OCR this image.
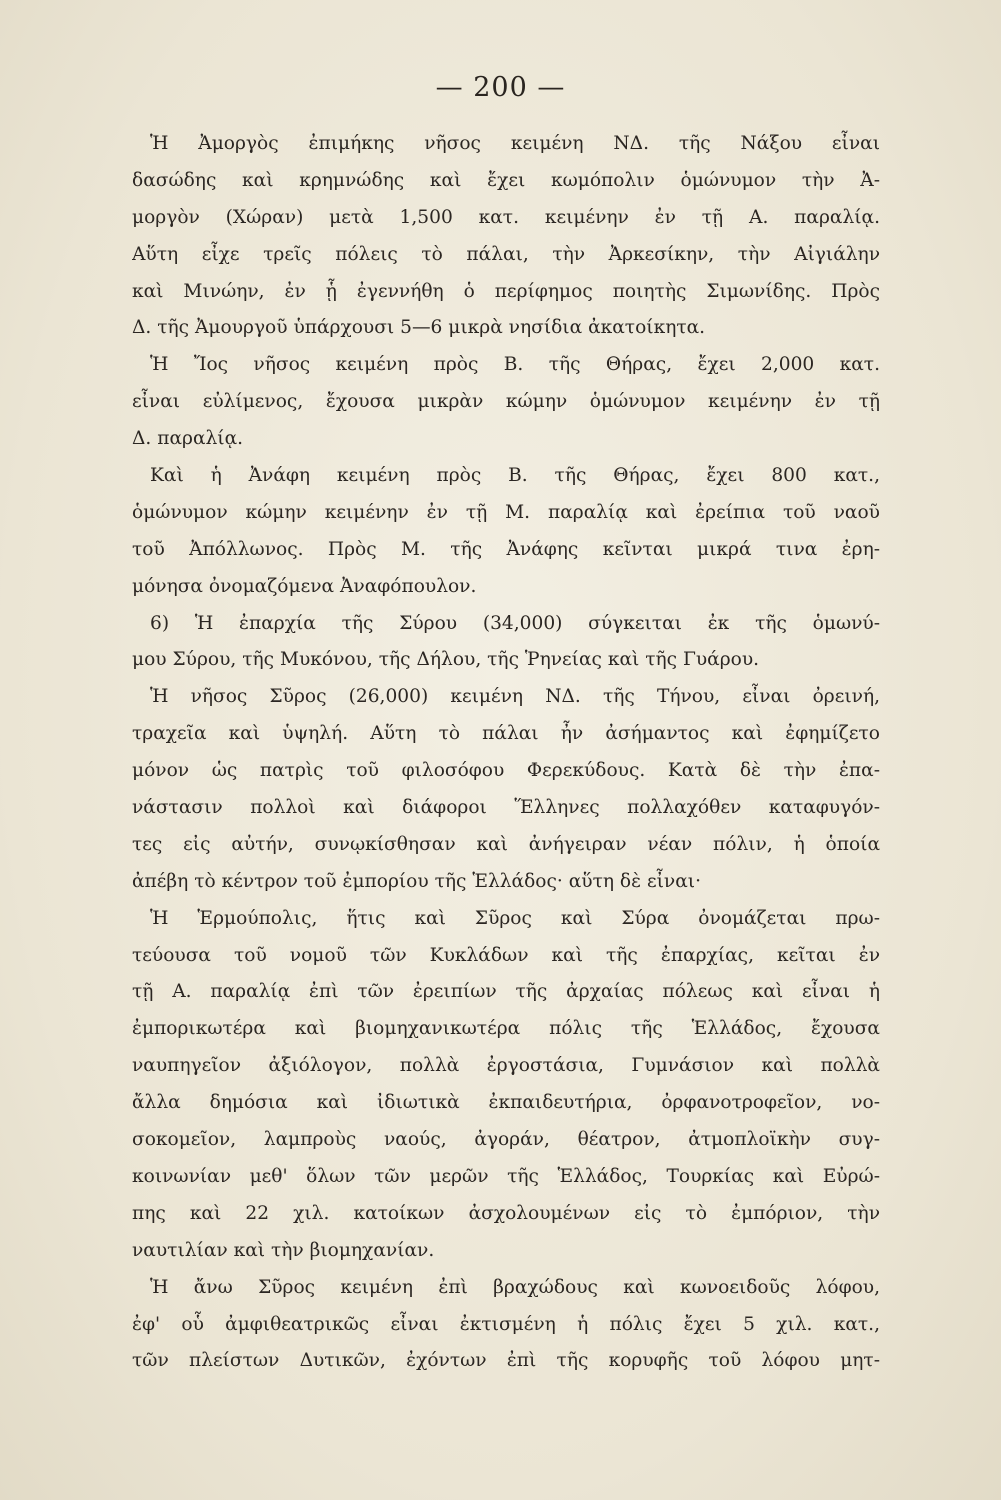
— 200 —
Ἡ Ἀμοργὸς ἐπιμήκης νῆσος κειμένη ΝΔ. τῆς Νάξου εἶναι
δασώδης καὶ κρημνώδης καὶ ἔχει κωμόπολιν ὁμώνυμον τὴν Ἀ-
μοργὸν (Χώραν) μετὰ 1,500 κατ. κειμένην ἐν τῇ Α. παραλίᾳ.
Αὕτη εἶχε τρεῖς πόλεις τὸ πάλαι, τὴν Ἀρκεσίκην, τὴν Αἰγιάλην
καὶ Μινώην, ἐν ᾗ ἐγεννήθη ὁ περίφημος ποιητὴς Σιμωνίδης. Πρὸς
Δ. τῆς Ἀμουργοῦ ὑπάρχουσι 5—6 μικρὰ νησίδια ἀκατοίκητα.
Ἡ Ἴος νῆσος κειμένη πρὸς Β. τῆς Θήρας, ἔχει 2,000 κατ.
εἶναι εὐλίμενος, ἔχουσα μικρὰν κώμην ὁμώνυμον κειμένην ἐν τῇ
Δ. παραλίᾳ.
Καὶ ἡ Ἀνάφη κειμένη πρὸς Β. τῆς Θήρας, ἔχει 800 κατ.,
ὁμώνυμον κώμην κειμένην ἐν τῇ Μ. παραλίᾳ καὶ ἐρείπια τοῦ ναοῦ
τοῦ Ἀπόλλωνος. Πρὸς Μ. τῆς Ἀνάφης κεῖνται μικρά τινα ἐρη-
μόνησα ὀνομαζόμενα Ἀναφόπουλον.
6) Ἡ ἐπαρχία τῆς Σύρου (34,000) σύγκειται ἐκ τῆς ὁμωνύ-
μου Σύρου, τῆς Μυκόνου, τῆς Δήλου, τῆς Ῥηνείας καὶ τῆς Γυάρου.
Ἡ νῆσος Σῦρος (26,000) κειμένη ΝΔ. τῆς Τήνου, εἶναι ὀρεινή,
τραχεῖα καὶ ὑψηλή. Αὕτη τὸ πάλαι ἦν ἀσήμαντος καὶ ἐφημίζετο
μόνον ὡς πατρὶς τοῦ φιλοσόφου Φερεκύδους. Κατὰ δὲ τὴν ἐπα-
νάστασιν πολλοὶ καὶ διάφοροι Ἕλληνες πολλαχόθεν καταφυγόν-
τες εἰς αὐτήν, συνῳκίσθησαν καὶ ἀνήγειραν νέαν πόλιν, ἡ ὁποία
ἀπέβη τὸ κέντρον τοῦ ἐμπορίου τῆς Ἑλλάδος· αὕτη δὲ εἶναι·
Ἡ Ἑρμούπολις, ἥτις καὶ Σῦρος καὶ Σύρα ὀνομάζεται πρω-
τεύουσα τοῦ νομοῦ τῶν Κυκλάδων καὶ τῆς ἐπαρχίας, κεῖται ἐν
τῇ Α. παραλίᾳ ἐπὶ τῶν ἐρειπίων τῆς ἀρχαίας πόλεως καὶ εἶναι ἡ
ἐμπορικωτέρα καὶ βιομηχανικωτέρα πόλις τῆς Ἑλλάδος, ἔχουσα
ναυπηγεῖον ἀξιόλογον, πολλὰ ἐργοστάσια, Γυμνάσιον καὶ πολλὰ
ἄλλα δημόσια καὶ ἰδιωτικὰ ἐκπαιδευτήρια, ὀρφανοτροφεῖον, νο-
σοκομεῖον, λαμπροὺς ναούς, ἀγοράν, θέατρον, ἀτμοπλοϊκὴν συγ-
κοινωνίαν μεθ' ὅλων τῶν μερῶν τῆς Ἑλλάδος, Τουρκίας καὶ Εὐρώ-
πης καὶ 22 χιλ. κατοίκων ἀσχολουμένων εἰς τὸ ἐμπόριον, τὴν
ναυτιλίαν καὶ τὴν βιομηχανίαν.
Ἡ ἄνω Σῦρος κειμένη ἐπὶ βραχώδους καὶ κωνοειδοῦς λόφου,
ἐφ' οὗ ἀμφιθεατρικῶς εἶναι ἐκτισμένη ἡ πόλις ἔχει 5 χιλ. κατ.,
τῶν πλείστων Δυτικῶν, ἐχόντων ἐπὶ τῆς κορυφῆς τοῦ λόφου μητ-
